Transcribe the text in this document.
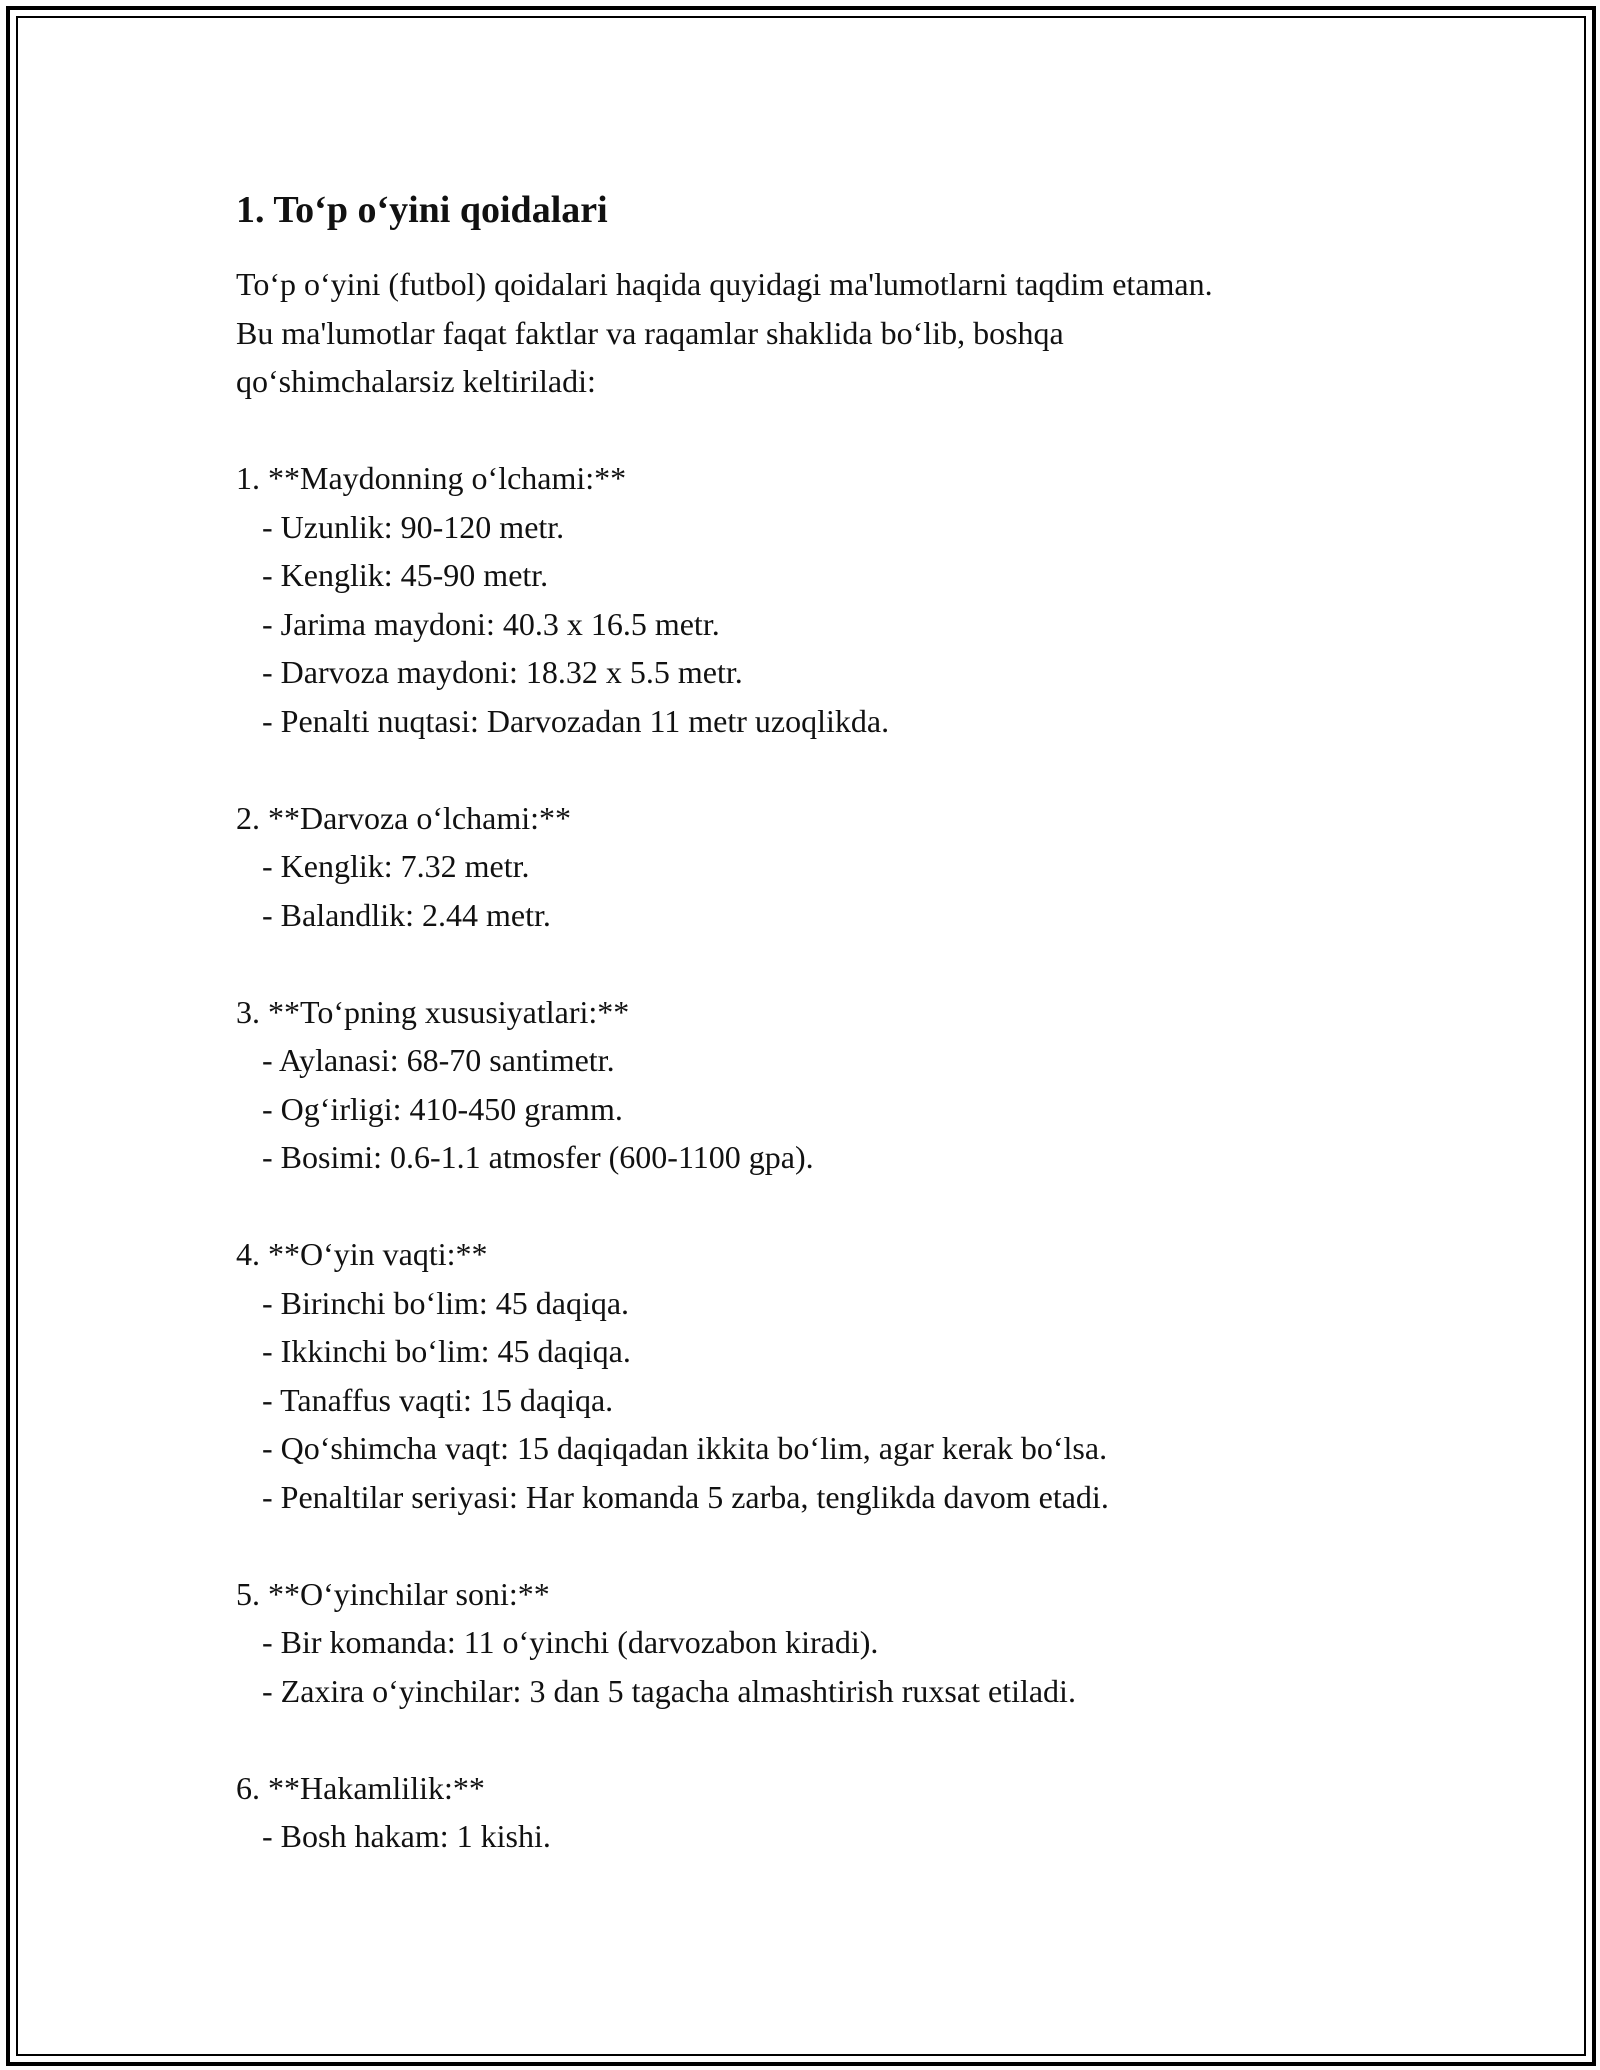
1. To‘p o‘yini qoidalari
To‘p o‘yini (futbol) qoidalari haqida quyidagi ma'lumotlarni taqdim etaman.
Bu ma'lumotlar faqat faktlar va raqamlar shaklida bo‘lib, boshqa
qo‘shimchalarsiz keltiriladi:
1. **Maydonning o‘lchami:**
- Uzunlik: 90-120 metr.
- Kenglik: 45-90 metr.
- Jarima maydoni: 40.3 x 16.5 metr.
- Darvoza maydoni: 18.32 x 5.5 metr.
- Penalti nuqtasi: Darvozadan 11 metr uzoqlikda.
2. **Darvoza o‘lchami:**
- Kenglik: 7.32 metr.
- Balandlik: 2.44 metr.
3. **To‘pning xususiyatlari:**
- Aylanasi: 68-70 santimetr.
- Og‘irligi: 410-450 gramm.
- Bosimi: 0.6-1.1 atmosfer (600-1100 gpa).
4. **O‘yin vaqti:**
- Birinchi bo‘lim: 45 daqiqa.
- Ikkinchi bo‘lim: 45 daqiqa.
- Tanaffus vaqti: 15 daqiqa.
- Qo‘shimcha vaqt: 15 daqiqadan ikkita bo‘lim, agar kerak bo‘lsa.
- Penaltilar seriyasi: Har komanda 5 zarba, tenglikda davom etadi.
5. **O‘yinchilar soni:**
- Bir komanda: 11 o‘yinchi (darvozabon kiradi).
- Zaxira o‘yinchilar: 3 dan 5 tagacha almashtirish ruxsat etiladi.
6. **Hakamlilik:**
- Bosh hakam: 1 kishi.
